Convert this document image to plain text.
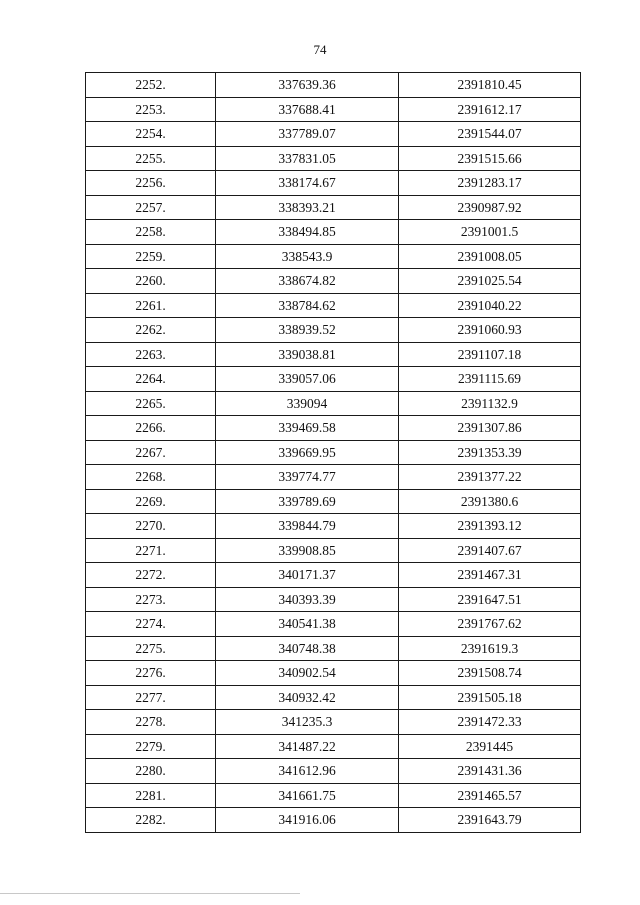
74
2252.	337639.36	2391810.45
2253.	337688.41	2391612.17
2254.	337789.07	2391544.07
2255.	337831.05	2391515.66
2256.	338174.67	2391283.17
2257.	338393.21	2390987.92
2258.	338494.85	2391001.5
2259.	338543.9	2391008.05
2260.	338674.82	2391025.54
2261.	338784.62	2391040.22
2262.	338939.52	2391060.93
2263.	339038.81	2391107.18
2264.	339057.06	2391115.69
2265.	339094	2391132.9
2266.	339469.58	2391307.86
2267.	339669.95	2391353.39
2268.	339774.77	2391377.22
2269.	339789.69	2391380.6
2270.	339844.79	2391393.12
2271.	339908.85	2391407.67
2272.	340171.37	2391467.31
2273.	340393.39	2391647.51
2274.	340541.38	2391767.62
2275.	340748.38	2391619.3
2276.	340902.54	2391508.74
2277.	340932.42	2391505.18
2278.	341235.3	2391472.33
2279.	341487.22	2391445
2280.	341612.96	2391431.36
2281.	341661.75	2391465.57
2282.	341916.06	2391643.79
